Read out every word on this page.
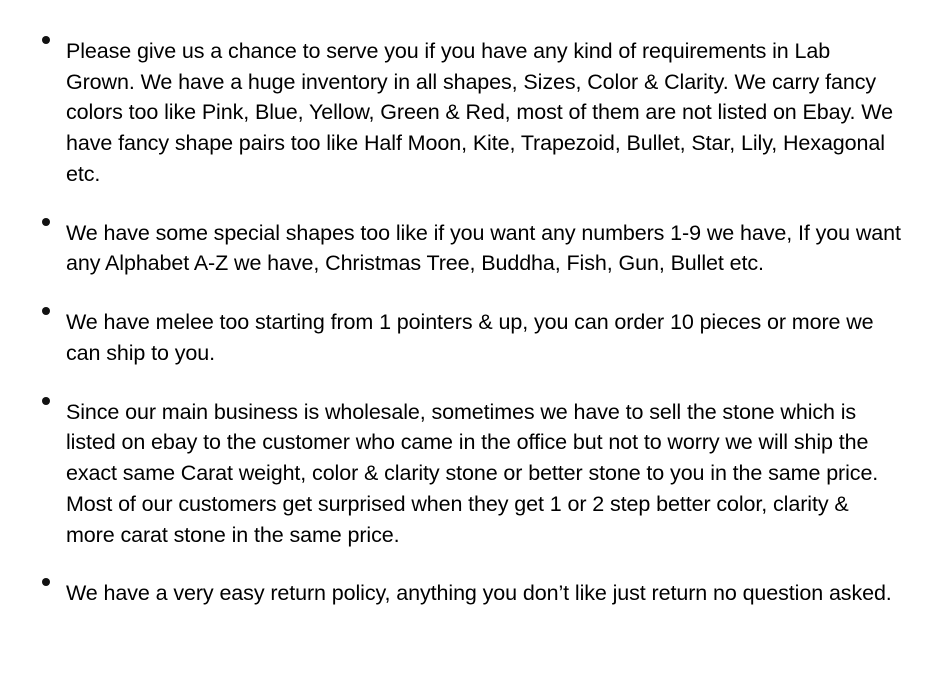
Please give us a chance to serve you if you have any kind of requirements in Lab Grown. We have a huge inventory in all shapes, Sizes, Color & Clarity. We carry fancy colors too like Pink, Blue, Yellow, Green & Red, most of them are not listed on Ebay. We have fancy shape pairs too like Half Moon, Kite, Trapezoid, Bullet, Star, Lily, Hexagonal etc.
We have some special shapes too like if you want any numbers 1-9 we have, If you want any Alphabet A-Z we have, Christmas Tree, Buddha, Fish, Gun, Bullet etc.
We have melee too starting from 1 pointers & up, you can order 10 pieces or more we can ship to you.
Since our main business is wholesale, sometimes we have to sell the stone which is listed on ebay to the customer who came in the office but not to worry we will ship the exact same Carat weight, color & clarity stone or better stone to you in the same price. Most of our customers get surprised when they get 1 or 2 step better color, clarity & more carat stone in the same price.
We have a very easy return policy, anything you don’t like just return no question asked.
